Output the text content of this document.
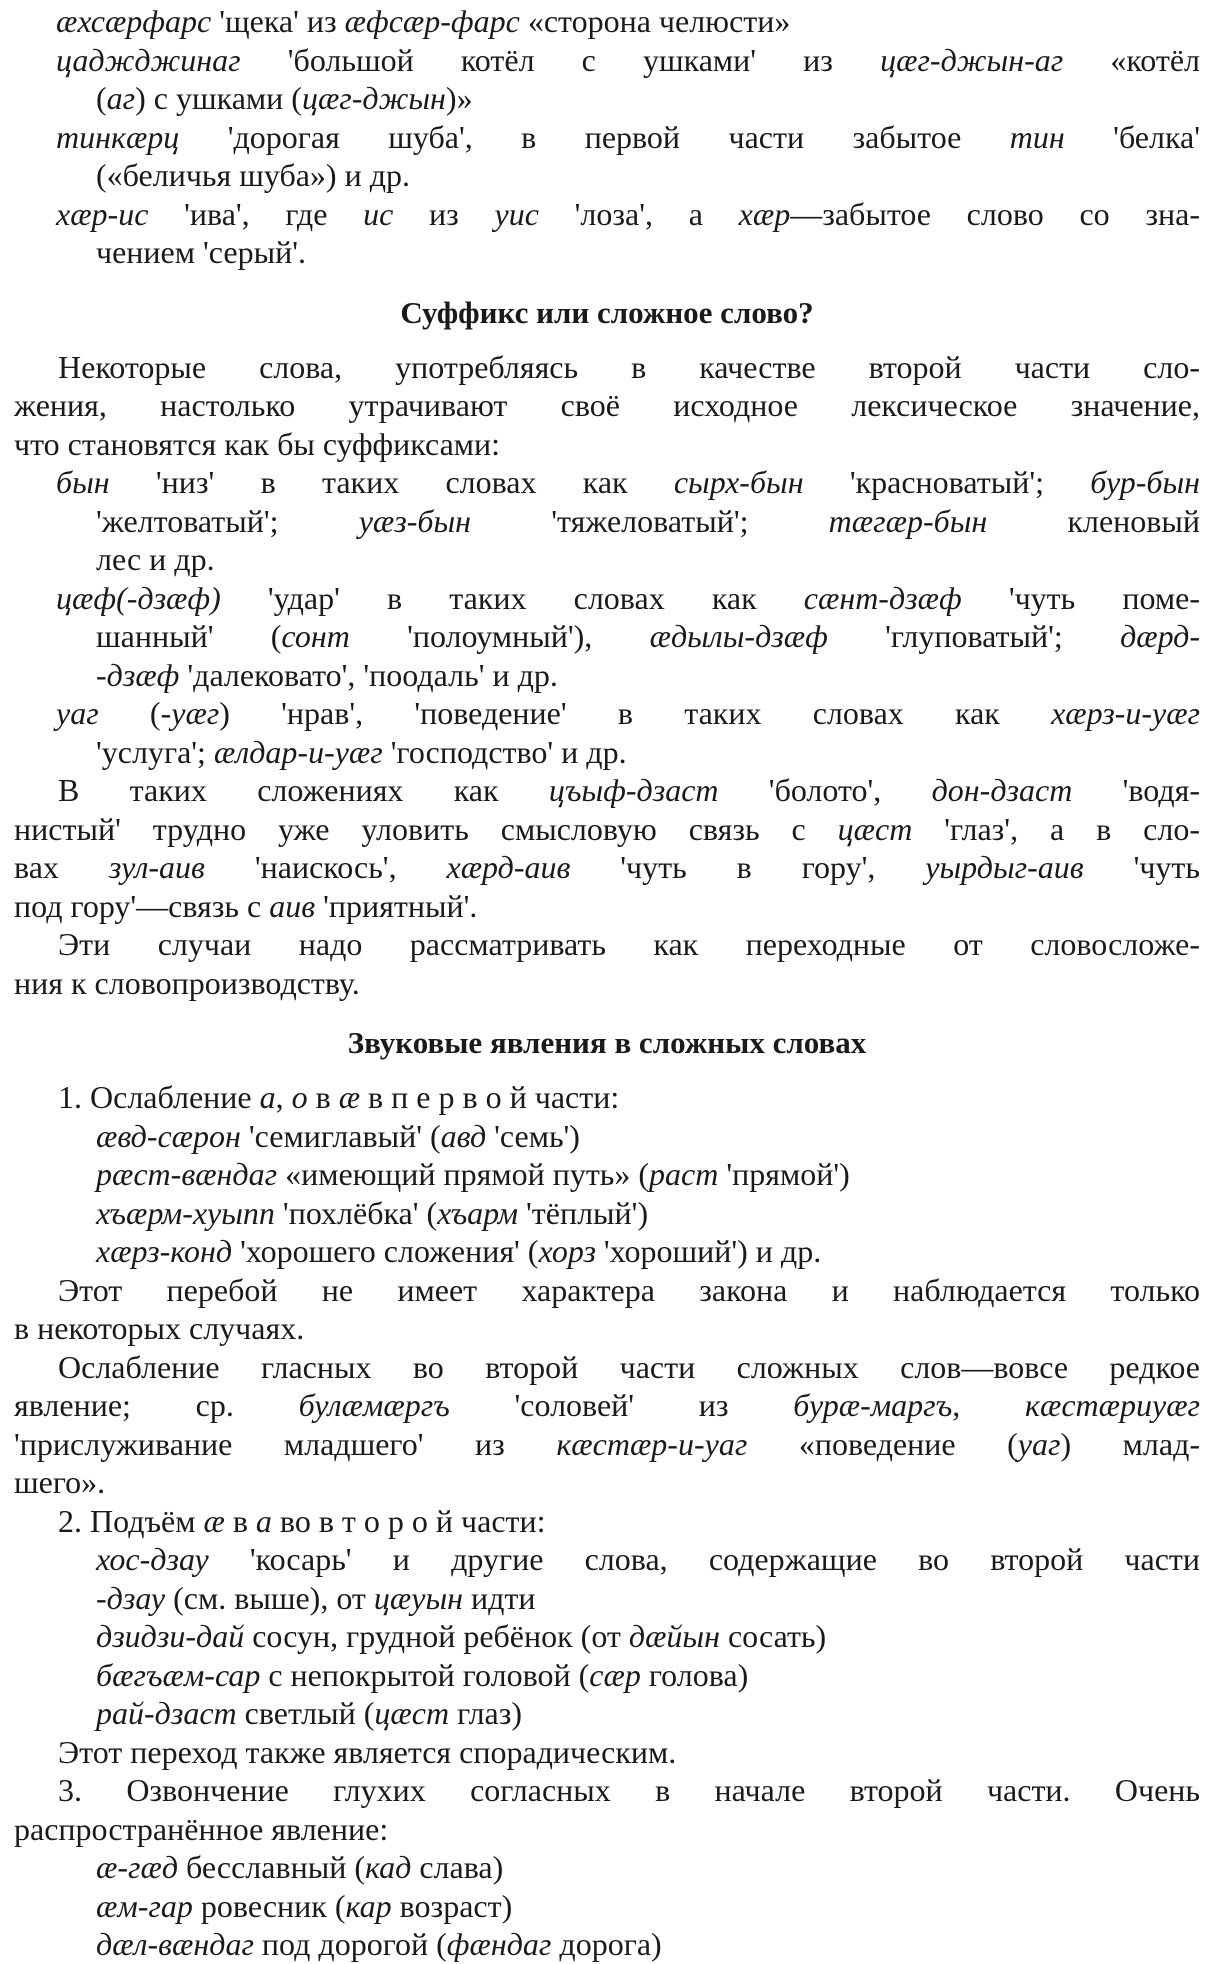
æхсæрфарс 'щека' из æфсæр-фарс «сторона челюсти»
цаджджинаг 'большой котёл с ушками' из цæг-джын-аг «котёл
(аг) с ушками (цæг-джын)»
тинкæрц 'дорогая шуба', в первой части забытое тин 'белка'
(«беличья шуба») и др.
хæр-ис 'ива', где ис из уис 'лоза', а хæр—забытое слово со зна-
чением 'серый'.
Суффикс или сложное слово?
Некоторые слова, употребляясь в качестве второй части сло-
жения, настолько утрачивают своё исходное лексическое значение,
что становятся как бы суффиксами:
бын 'низ' в таких словах как сырх-бын 'красноватый'; бур-бын
'желтоватый'; уæз-бын 'тяжеловатый'; тæгæр-бын кленовый
лес и др.
цæф(-дзæф) 'удар' в таких словах как сæнт-дзæф 'чуть поме-
шанный' (сонт 'полоумный'), æдылы-дзæф 'глуповатый'; дæрд-
-дзæф 'далековато', 'поодаль' и др.
уаг (-уæг) 'нрав', 'поведение' в таких словах как хæрз-и-уæг
'услуга'; æлдар-и-уæг 'господство' и др.
В таких сложениях как цъыф-дзаст 'болото', дон-дзаст 'водя-
нистый' трудно уже уловить смысловую связь с цæст 'глаз', а в сло-
вах зул-аив 'наискось', хæрд-аив 'чуть в гору', уырдыг-аив 'чуть
под гору'—связь с аив 'приятный'.
Эти случаи надо рассматривать как переходные от словосложе-
ния к словопроизводству.
Звуковые явления в сложных словах
1. Ослабление а, о в æ в п е р в о й части:
æвд-сæрон 'семиглавый' (авд 'семь')
рæст-вæндаг «имеющий прямой путь» (раст 'прямой')
хъæрм-хуыпп 'похлёбка' (хъарм 'тёплый')
хæрз-конд 'хорошего сложения' (хорз 'хороший') и др.
Этот перебой не имеет характера закона и наблюдается только
в некоторых случаях.
Ослабление гласных во второй части сложных слов—вовсе редкое
явление; ср. булæмæргъ 'соловей' из бурæ-маргъ, кæстæриуæг
'прислуживание младшего' из кæстæр-и-уаг «поведение (уаг) млад-
шего».
2. Подъём æ в а во в т о р о й части:
хос-дзау 'косарь' и другие слова, содержащие во второй части
-дзау (см. выше), от цæуын идти
дзидзи-дай сосун, грудной ребёнок (от дæйын сосать)
бæгъæм-сар с непокрытой головой (сæр голова)
рай-дзаст светлый (цæст глаз)
Этот переход также является спорадическим.
3. Озвончение глухих согласных в начале второй части. Очень
распространённое явление:
æ-гæд бесславный (кад слава)
æм-гар ровесник (кар возраст)
дæл-вæндаг под дорогой (фæндаг дорога)
